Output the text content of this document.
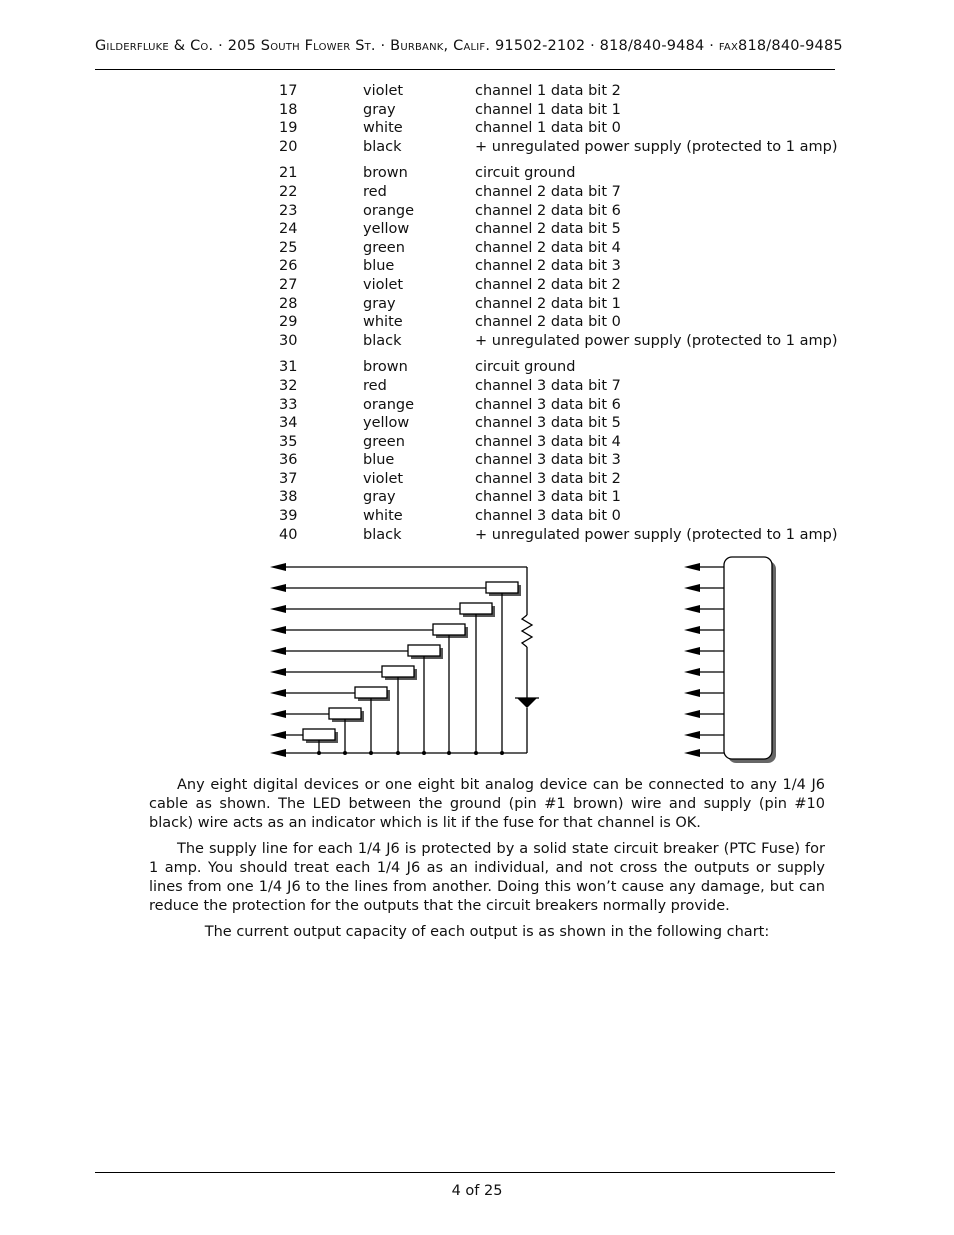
Gilderfluke & Co. · 205 South Flower St. · Burbank, Calif. 91502-2102 · 818/840-9484 · fax818/840-9485
17	violet	channel 1 data bit 2
18	gray	channel 1 data bit 1
19	white	channel 1 data bit 0
20	black	+ unregulated power supply (protected to 1 amp)
21	brown	circuit ground
22	red	channel 2 data bit 7
23	orange	channel 2 data bit 6
24	yellow	channel 2 data bit 5
25	green	channel 2 data bit 4
26	blue	channel 2 data bit 3
27	violet	channel 2 data bit 2
28	gray	channel 2 data bit 1
29	white	channel 2 data bit 0
30	black	+ unregulated power supply (protected to 1 amp)
31	brown	circuit ground
32	red	channel 3 data bit 7
33	orange	channel 3 data bit 6
34	yellow	channel 3 data bit 5
35	green	channel 3 data bit 4
36	blue	channel 3 data bit 3
37	violet	channel 3 data bit 2
38	gray	channel 3 data bit 1
39	white	channel 3 data bit 0
40	black	+ unregulated power supply (protected to 1 amp)

Any eight digital devices or one eight bit analog device can be connected to any 1/4 J6 cable as shown. The LED between the ground (pin #1 brown) wire and supply (pin #10 black) wire acts as an indicator which is lit if the fuse for that channel is OK.

The supply line for each 1/4 J6 is protected by a solid state circuit breaker (PTC Fuse) for 1 amp. You should treat each 1/4 J6 as an individual, and not cross the outputs or supply lines from one 1/4 J6 to the lines from another. Doing this won’t cause any damage, but can reduce the protection for the outputs that the circuit breakers normally provide.

The current output capacity of each output is as shown in the following chart:

4 of 25
